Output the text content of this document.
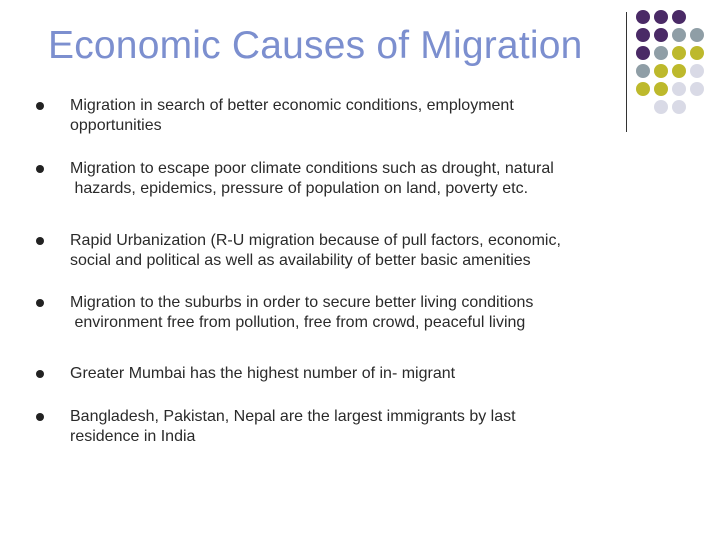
Economic Causes of Migration
Migration in search of better economic conditions, employment
opportunities
Migration to escape poor climate conditions such as drought, natural
hazards, epidemics, pressure of population on land, poverty etc.
Rapid Urbanization (R-U migration because of pull factors, economic,
social and political as well as availability of better basic amenities
Migration to the suburbs in order to secure better living conditions
environment free from pollution, free from crowd, peaceful living
Greater Mumbai has the highest number of in- migrant
Bangladesh, Pakistan, Nepal are the largest immigrants by last
residence in India
